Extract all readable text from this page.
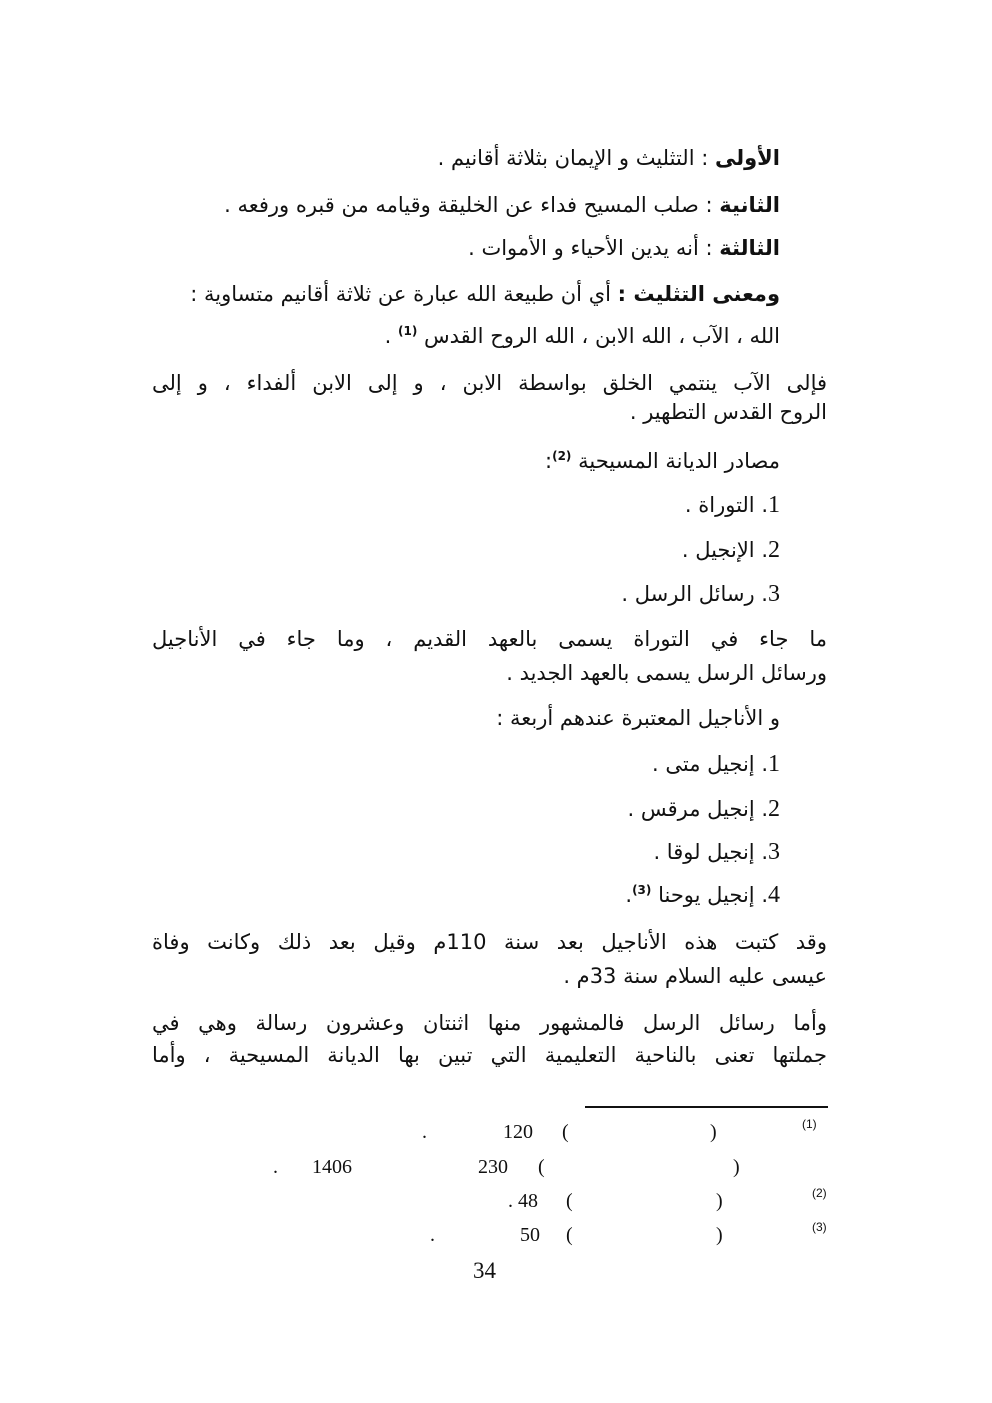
الأولى : التثليث و الإيمان بثلاثة أقانيم .
الثانية : صلب المسيح فداء عن الخليقة وقيامه من قبره ورفعه .
الثالثة : أنه يدين الأحياء و الأموات .
ومعنى التثليث : أي أن طبيعة الله عبارة عن ثلاثة أقانيم متساوية :
الله ، الآب ، الله الابن ، الله الروح القدس $^{(1)}$ .
فإلى الآب ينتمي الخلق بواسطة الابن ، و إلى الابن ألفداء ، و إلى
الروح القدس التطهير .
مصادر الديانة المسيحية $^{(2)}$:
1. التوراة .
2. الإنجيل .
3. رسائل الرسل .
ما جاء في التوراة يسمى بالعهد القديم ، وما جاء في الأناجيل
ورسائل الرسل يسمى بالعهد الجديد .
و الأناجيل المعتبرة عندهم أربعة :
1. إنجيل متى .
2. إنجيل مرقس .
3. إنجيل لوقا .
4. إنجيل يوحنا $^{(3)}$.
وقد كتبت هذه الأناجيل بعد سنة 110م وقيل بعد ذلك وكانت وفاة
عيسى عليه السلام سنة 33م .
وأما رسائل الرسل فالمشهور منها اثنتان وعشرون رسالة وهي في
جملتها تعنى بالناحية التعليمية التي تبين بها الديانة المسيحية ، وأما
(1)
)
(
120
.
)
(
230
1406
.
(2)
)
(
. 48
(3)
)
(
50
.
34
